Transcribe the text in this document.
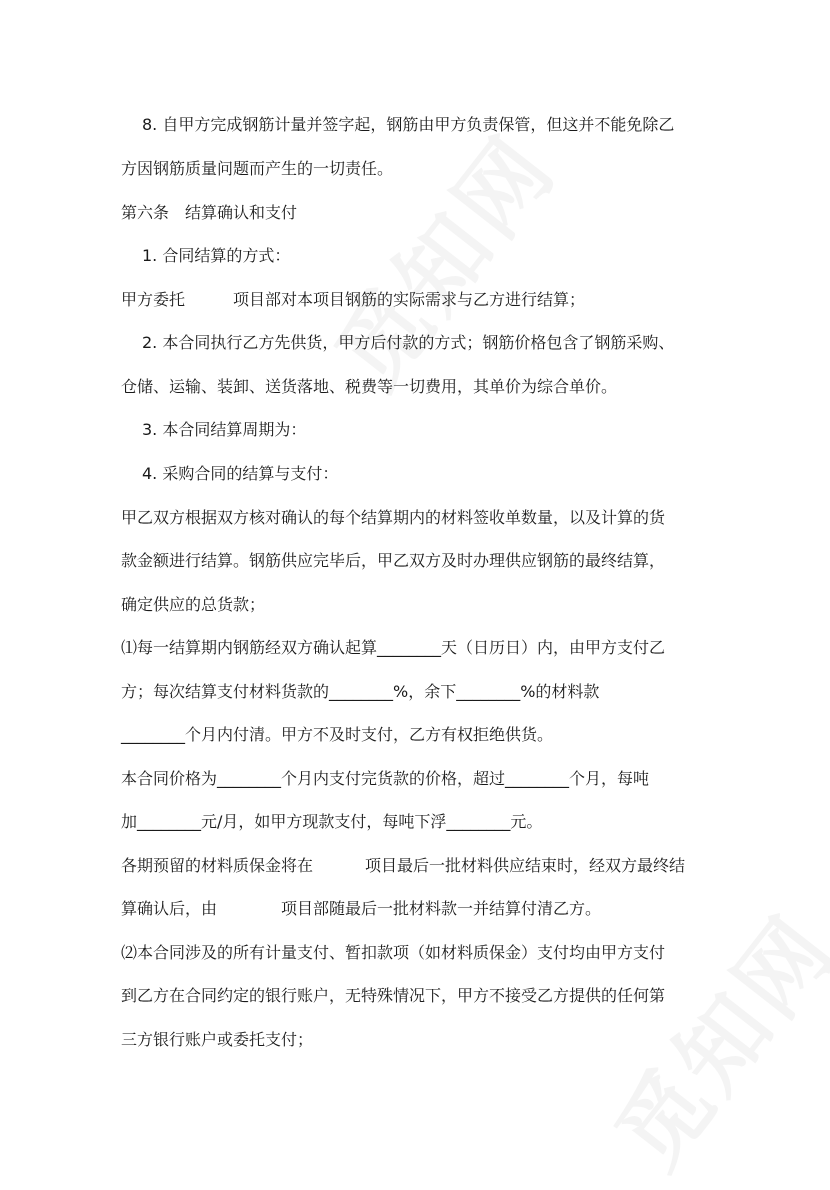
8. 自甲方完成钢筋计量并签字起，钢筋由甲方负责保管，但这并不能免除乙
方因钢筋质量问题而产生的一切责任。
第六条　结算确认和支付
1. 合同结算的方式：
甲方委托	项目部对本项目钢筋的实际需求与乙方进行结算；
2. 本合同执行乙方先供货，甲方后付款的方式；钢筋价格包含了钢筋采购、
仓储、运输、装卸、送货落地、税费等一切费用，其单价为综合单价。
3. 本合同结算周期为：
4. 采购合同的结算与支付：
甲乙双方根据双方核对确认的每个结算期内的材料签收单数量，以及计算的货
款金额进行结算。钢筋供应完毕后，甲乙双方及时办理供应钢筋的最终结算，
确定供应的总货款；
⑴每一结算期内钢筋经双方确认起算________天（日历日）内，由甲方支付乙
方；每次结算支付材料货款的________%，余下________%的材料款
________个月内付清。甲方不及时支付，乙方有权拒绝供货。
本合同价格为________个月内支付完货款的价格，超过________个月，每吨
加________元/月，如甲方现款支付，每吨下浮________元。
各期预留的材料质保金将在	项目最后一批材料供应结束时，经双方最终结
算确认后，由	项目部随最后一批材料款一并结算付清乙方。
⑵本合同涉及的所有计量支付、暂扣款项（如材料质保金）支付均由甲方支付
到乙方在合同约定的银行账户，无特殊情况下，甲方不接受乙方提供的任何第
三方银行账户或委托支付；
